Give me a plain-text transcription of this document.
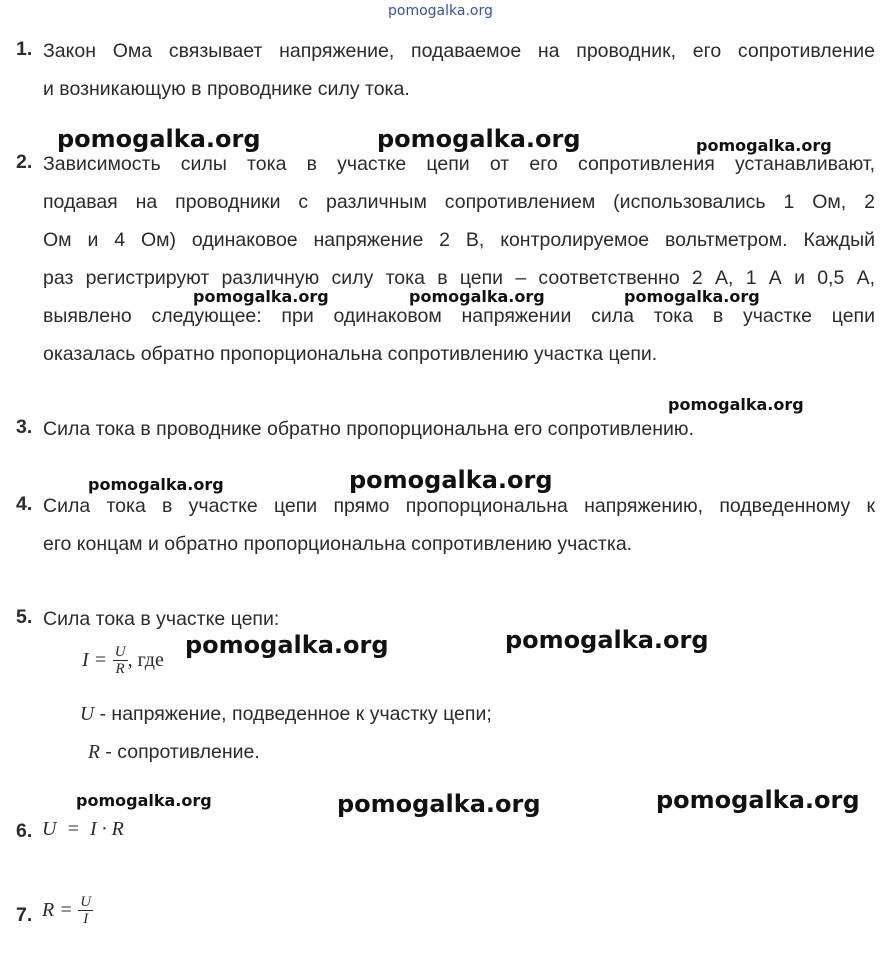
pomogalka.org
1. Закон Ома связывает напряжение, подаваемое на проводник, его сопротивление
и возникающую в проводнике силу тока.
2. Зависимость силы тока в участке цепи от его сопротивления устанавливают,
подавая на проводники с различным сопротивлением (использовались 1 Ом, 2
Ом и 4 Ом) одинаковое напряжение 2 В, контролируемое вольтметром. Каждый
раз регистрируют различную силу тока в цепи – соответственно 2 А, 1 А и 0,5 А,
выявлено следующее: при одинаковом напряжении сила тока в участке цепи
оказалась обратно пропорциональна сопротивлению участка цепи.
3. Сила тока в проводнике обратно пропорциональна его сопротивлению.
4. Сила тока в участке цепи прямо пропорциональна напряжению, подведенному к
его концам и обратно пропорциональна сопротивлению участка.
5. Сила тока в участке цепи:
$I = \frac{U}{R}$ , где
U - напряжение, подведенное к участку цепи;
R - сопротивление.
6. U  =  I · R
7. $R = \frac{U}{I}$
pomogalka.org	pomogalka.org	pomogalka.org
pomogalka.org	pomogalka.org	pomogalka.org
pomogalka.org
pomogalka.org	pomogalka.org
pomogalka.org	pomogalka.org
pomogalka.org	pomogalka.org	pomogalka.org
